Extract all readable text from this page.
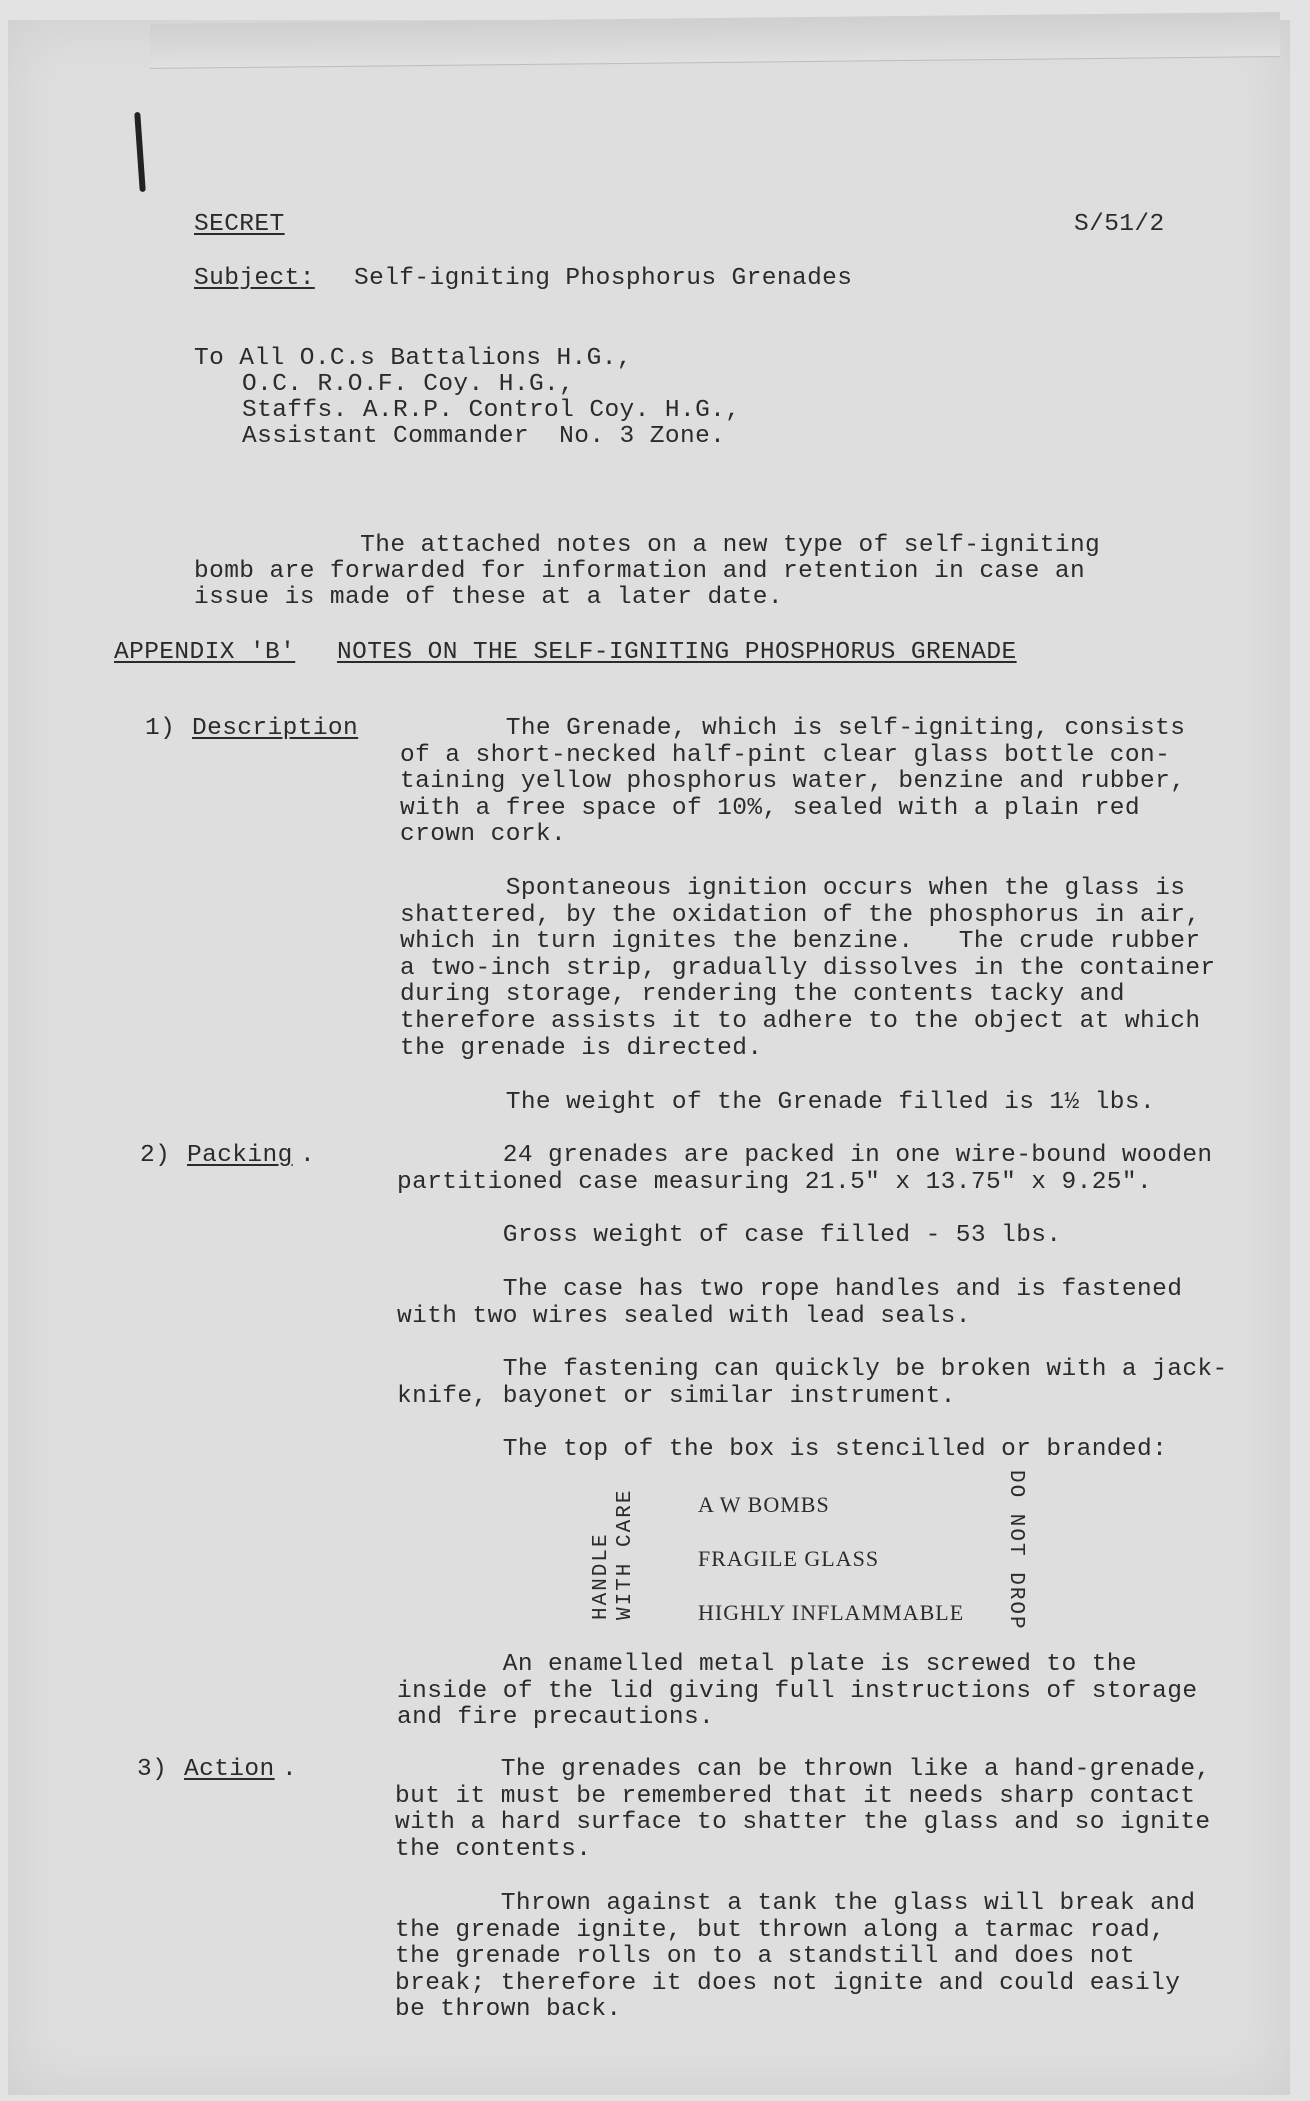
SECRET	S/51/2
Subject: Self-igniting Phosphorus Grenades
To All O.C.s Battalions H.G.,
O.C. R.O.F. Coy. H.G.,
Staffs. A.R.P. Control Coy. H.G.,
Assistant Commander  No. 3 Zone.
The attached notes on a new type of self-igniting
bomb are forwarded for information and retention in case an
issue is made of these at a later date.
APPENDIX 'B' NOTES ON THE SELF-IGNITING PHOSPHORUS GRENADE
1) Description	The Grenade, which is self-igniting, consists
of a short-necked half-pint clear glass bottle con-
taining yellow phosphorus water, benzine and rubber,
with a free space of 10%, sealed with a plain red
crown cork.
Spontaneous ignition occurs when the glass is
shattered, by the oxidation of the phosphorus in air,
which in turn ignites the benzine.   The crude rubber
a two-inch strip, gradually dissolves in the container
during storage, rendering the contents tacky and
therefore assists it to adhere to the object at which
the grenade is directed.
The weight of the Grenade filled is 1½ lbs.
2) Packing .	24 grenades are packed in one wire-bound wooden
partitioned case measuring 21.5" x 13.75" x 9.25".
Gross weight of case filled - 53 lbs.
The case has two rope handles and is fastened
with two wires sealed with lead seals.
The fastening can quickly be broken with a jack-
knife, bayonet or similar instrument.
The top of the box is stencilled or branded:
HANDLE
WITH CARE	A W BOMBS
FRAGILE GLASS
HIGHLY INFLAMMABLE DO NOT DROP
An enamelled metal plate is screwed to the
inside of the lid giving full instructions of storage
and fire precautions.
3) Action .	The grenades can be thrown like a hand-grenade,
but it must be remembered that it needs sharp contact
with a hard surface to shatter the glass and so ignite
the contents.
Thrown against a tank the glass will break and
the grenade ignite, but thrown along a tarmac road,
the grenade rolls on to a standstill and does not
break; therefore it does not ignite and could easily
be thrown back.
